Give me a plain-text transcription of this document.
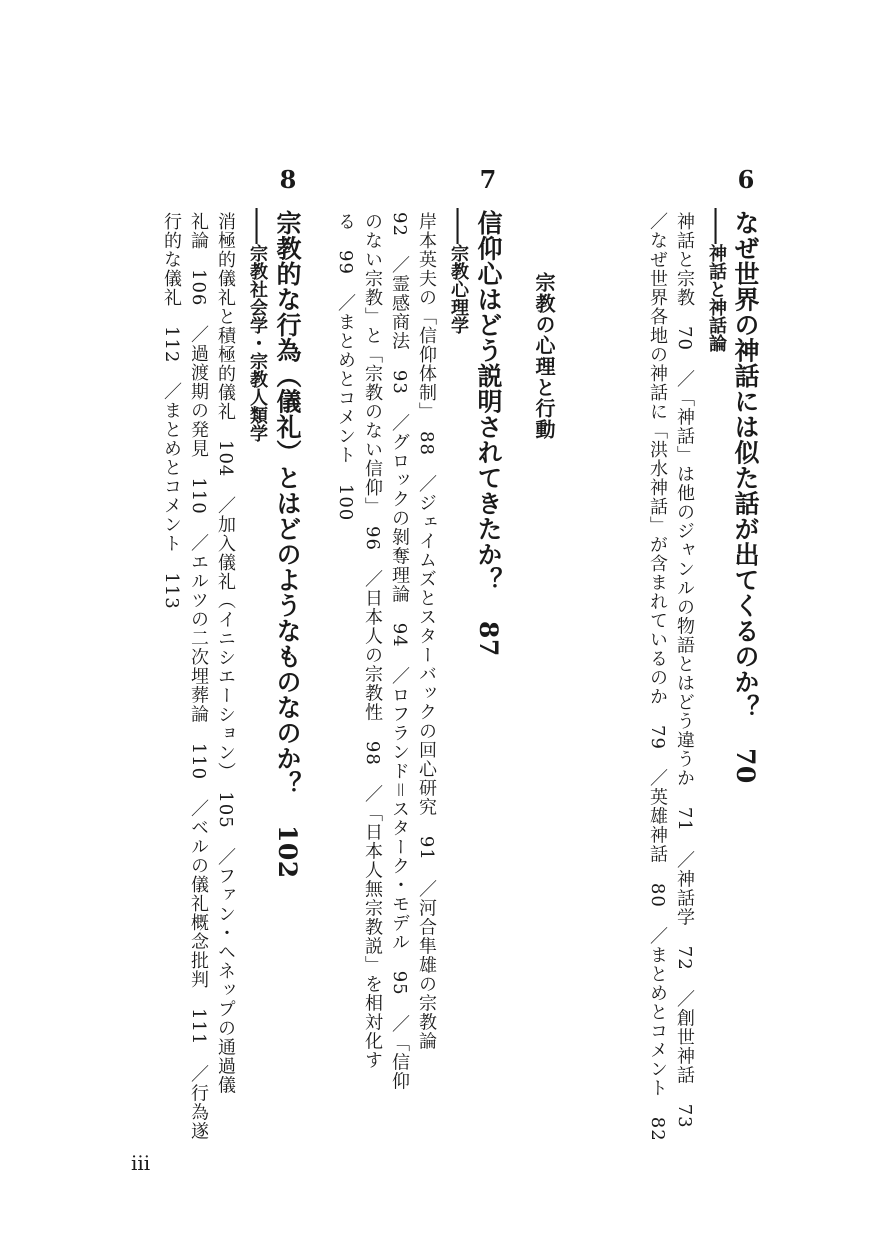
6
7
8
なぜ世界の神話には似た話が出てくるのか？70
――神話と神話論
神話と宗教　70　／「神話」は他のジャンルの物語とはどう違うか　71　／神話学　72　／創世神話　73
／なぜ世界各地の神話に「洪水神話」が含まれているのか　79　／英雄神話　80　／まとめとコメント　82
宗教の心理と行動
信仰心はどう説明されてきたか？87
――宗教心理学
岸本英夫の「信仰体制」　88　／ジェイムズとスターバックの回心研究　91　／河合隼雄の宗教論
92　／霊感商法　93　／グロックの剝奪理論　94　／ロフランド＝スターク・モデル　95　／「信仰
のない宗教」と「宗教のない信仰」　96　／日本人の宗教性　98　／「日本人無宗教説」を相対化す
る　99　／まとめとコメント　100
宗教的な行為（儀礼）とはどのようなものなのか？102
――宗教社会学・宗教人類学
消極的儀礼と積極的儀礼　104　／加入儀礼（イニシエーション）　105　／ファン・ヘネップの通過儀
礼論　106　／過渡期の発見　110　／エルツの二次埋葬論　110　／ベルの儀礼概念批判　111　／行為遂
行的な儀礼　112　／まとめとコメント　113
iii
